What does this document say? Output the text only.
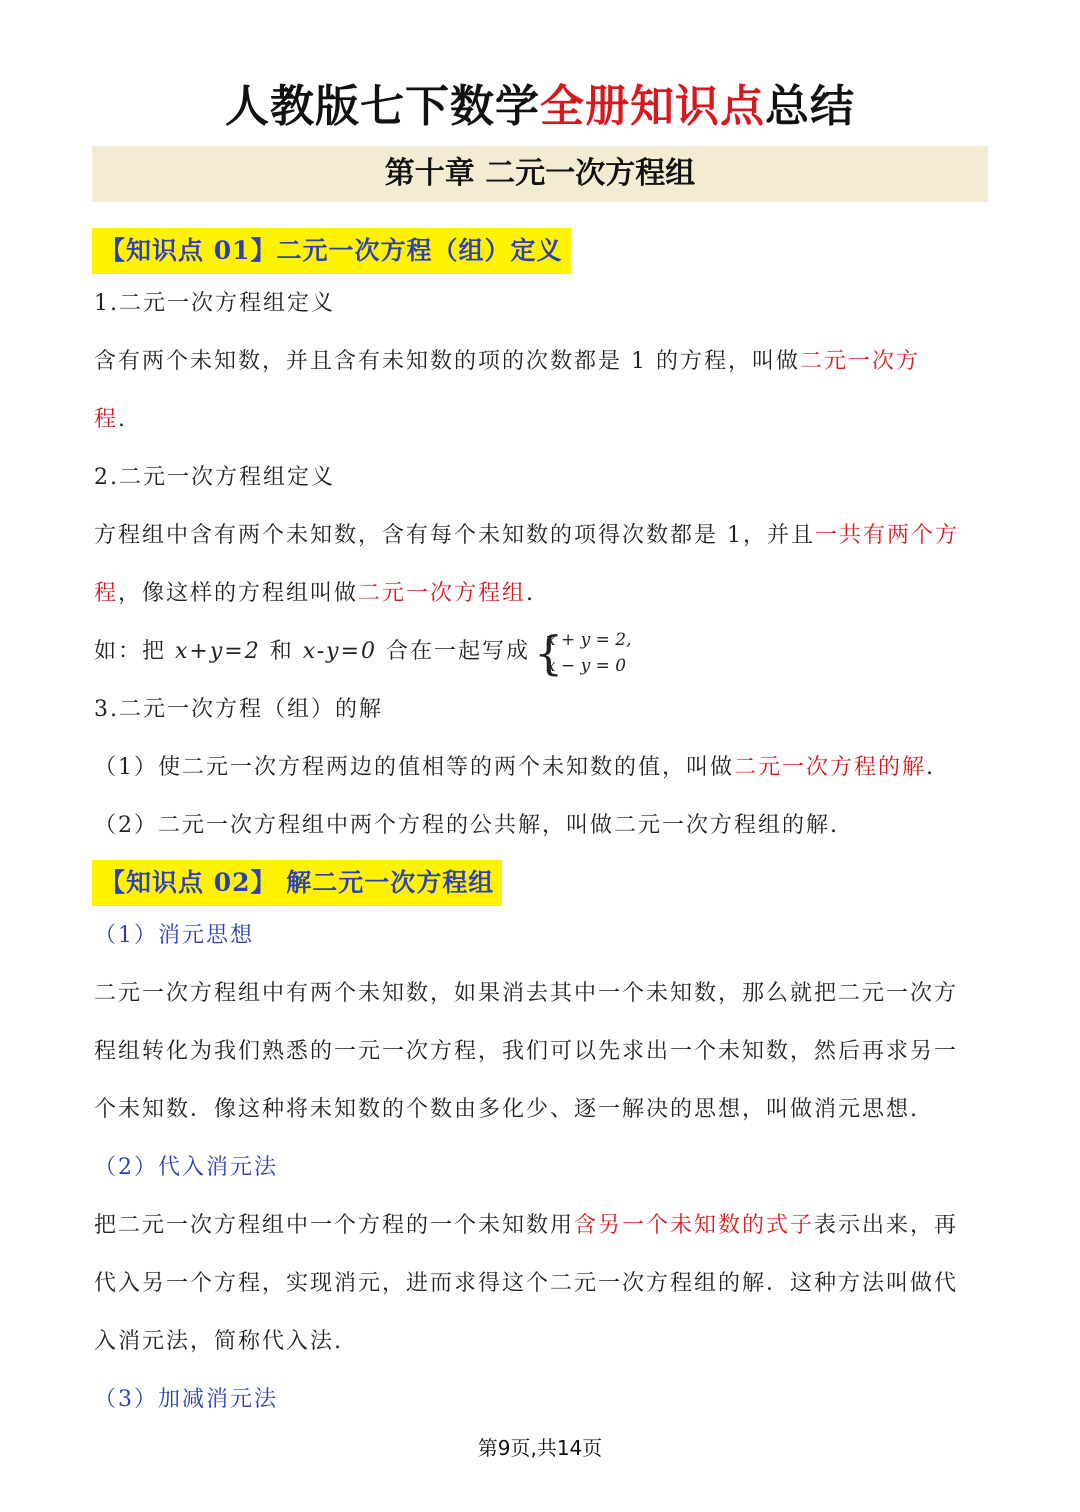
人教版七下数学全册知识点总结
第十章 二元一次方程组
【知识点 01】二元一次方程（组）定义
1.二元一次方程组定义
含有两个未知数，并且含有未知数的项的次数都是 1 的方程，叫做二元一次方
程.
2.二元一次方程组定义
方程组中含有两个未知数，含有每个未知数的项得次数都是 1，并且一共有两个方
程，像这样的方程组叫做二元一次方程组.
如：把 x+y=2 和 x-y=0 合在一起写成 {
x + y = 2,
x − y = 0
3.二元一次方程（组）的解
（1）使二元一次方程两边的值相等的两个未知数的值，叫做二元一次方程的解.
（2）二元一次方程组中两个方程的公共解，叫做二元一次方程组的解.
【知识点 02】 解二元一次方程组
（1）消元思想
二元一次方程组中有两个未知数，如果消去其中一个未知数，那么就把二元一次方
程组转化为我们熟悉的一元一次方程，我们可以先求出一个未知数，然后再求另一
个未知数．像这种将未知数的个数由多化少、逐一解决的思想，叫做消元思想.
（2）代入消元法
把二元一次方程组中一个方程的一个未知数用含另一个未知数的式子表示出来，再
代入另一个方程，实现消元，进而求得这个二元一次方程组的解．这种方法叫做代
入消元法，简称代入法.
（3）加减消元法
第9页,共14页
